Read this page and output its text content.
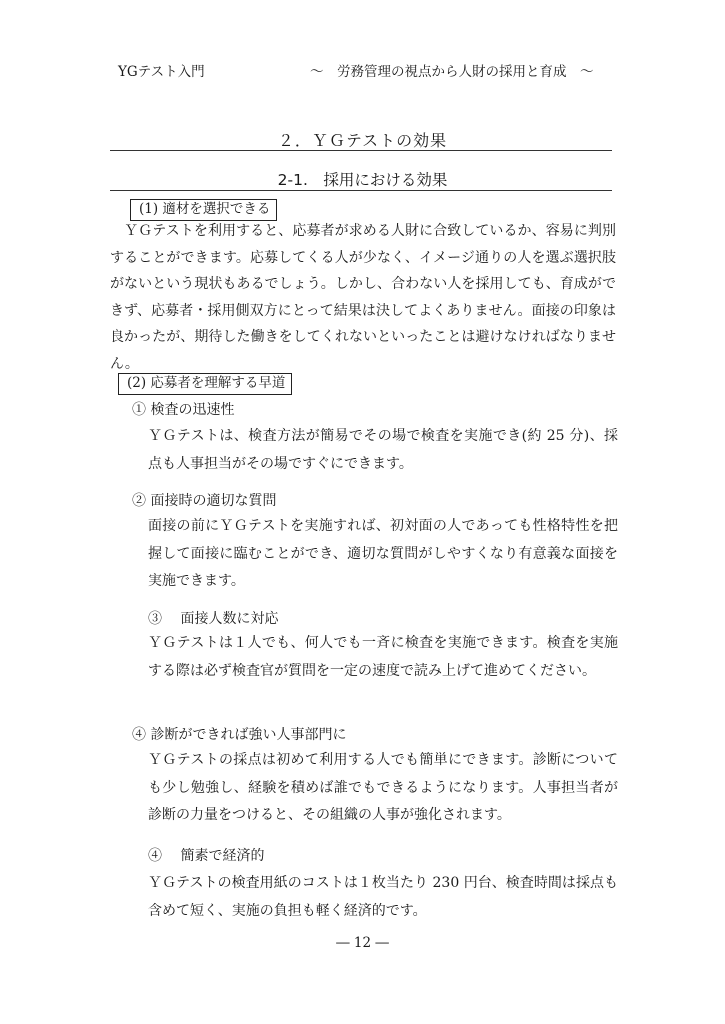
YGテスト入門	～　労務管理の視点から人財の採用と育成　～
２．ＹＧテストの効果
2-1.　採用における効果
(1) 適材を選択できる

　ＹＧテストを利用すると、応募者が求める人財に合致しているか、容易に判別することができます。応募してくる人が少なく、イメージ通りの人を選ぶ選択肢がないという現状もあるでしょう。しかし、合わない人を採用しても、育成ができず、応募者・採用側双方にとって結果は決してよくありません。面接の印象は良かったが、期待した働きをしてくれないといったことは避けなければなりません。

(2) 応募者を理解する早道
① 検査の迅速性

ＹＧテストは、検査方法が簡易でその場で検査を実施でき(約 25 分)、採点も人事担当がその場ですぐにできます。

② 面接時の適切な質問

面接の前にＹＧテストを実施すれば、初対面の人であっても性格特性を把握して面接に臨むことができ、適切な質問がしやすくなり有意義な面接を実施できます。

③　 面接人数に対応

ＹＧテストは１人でも、何人でも一斉に検査を実施できます。検査を実施する際は必ず検査官が質問を一定の速度で読み上げて進めてください。

④ 診断ができれば強い人事部門に

ＹＧテストの採点は初めて利用する人でも簡単にできます。診断についても少し勉強し、経験を積めば誰でもできるようになります。人事担当者が診断の力量をつけると、その組織の人事が強化されます。

④　 簡素で経済的

ＹＧテストの検査用紙のコストは１枚当たり 230 円台、検査時間は採点も含めて短く、実施の負担も軽く経済的です。

― 12 ―
